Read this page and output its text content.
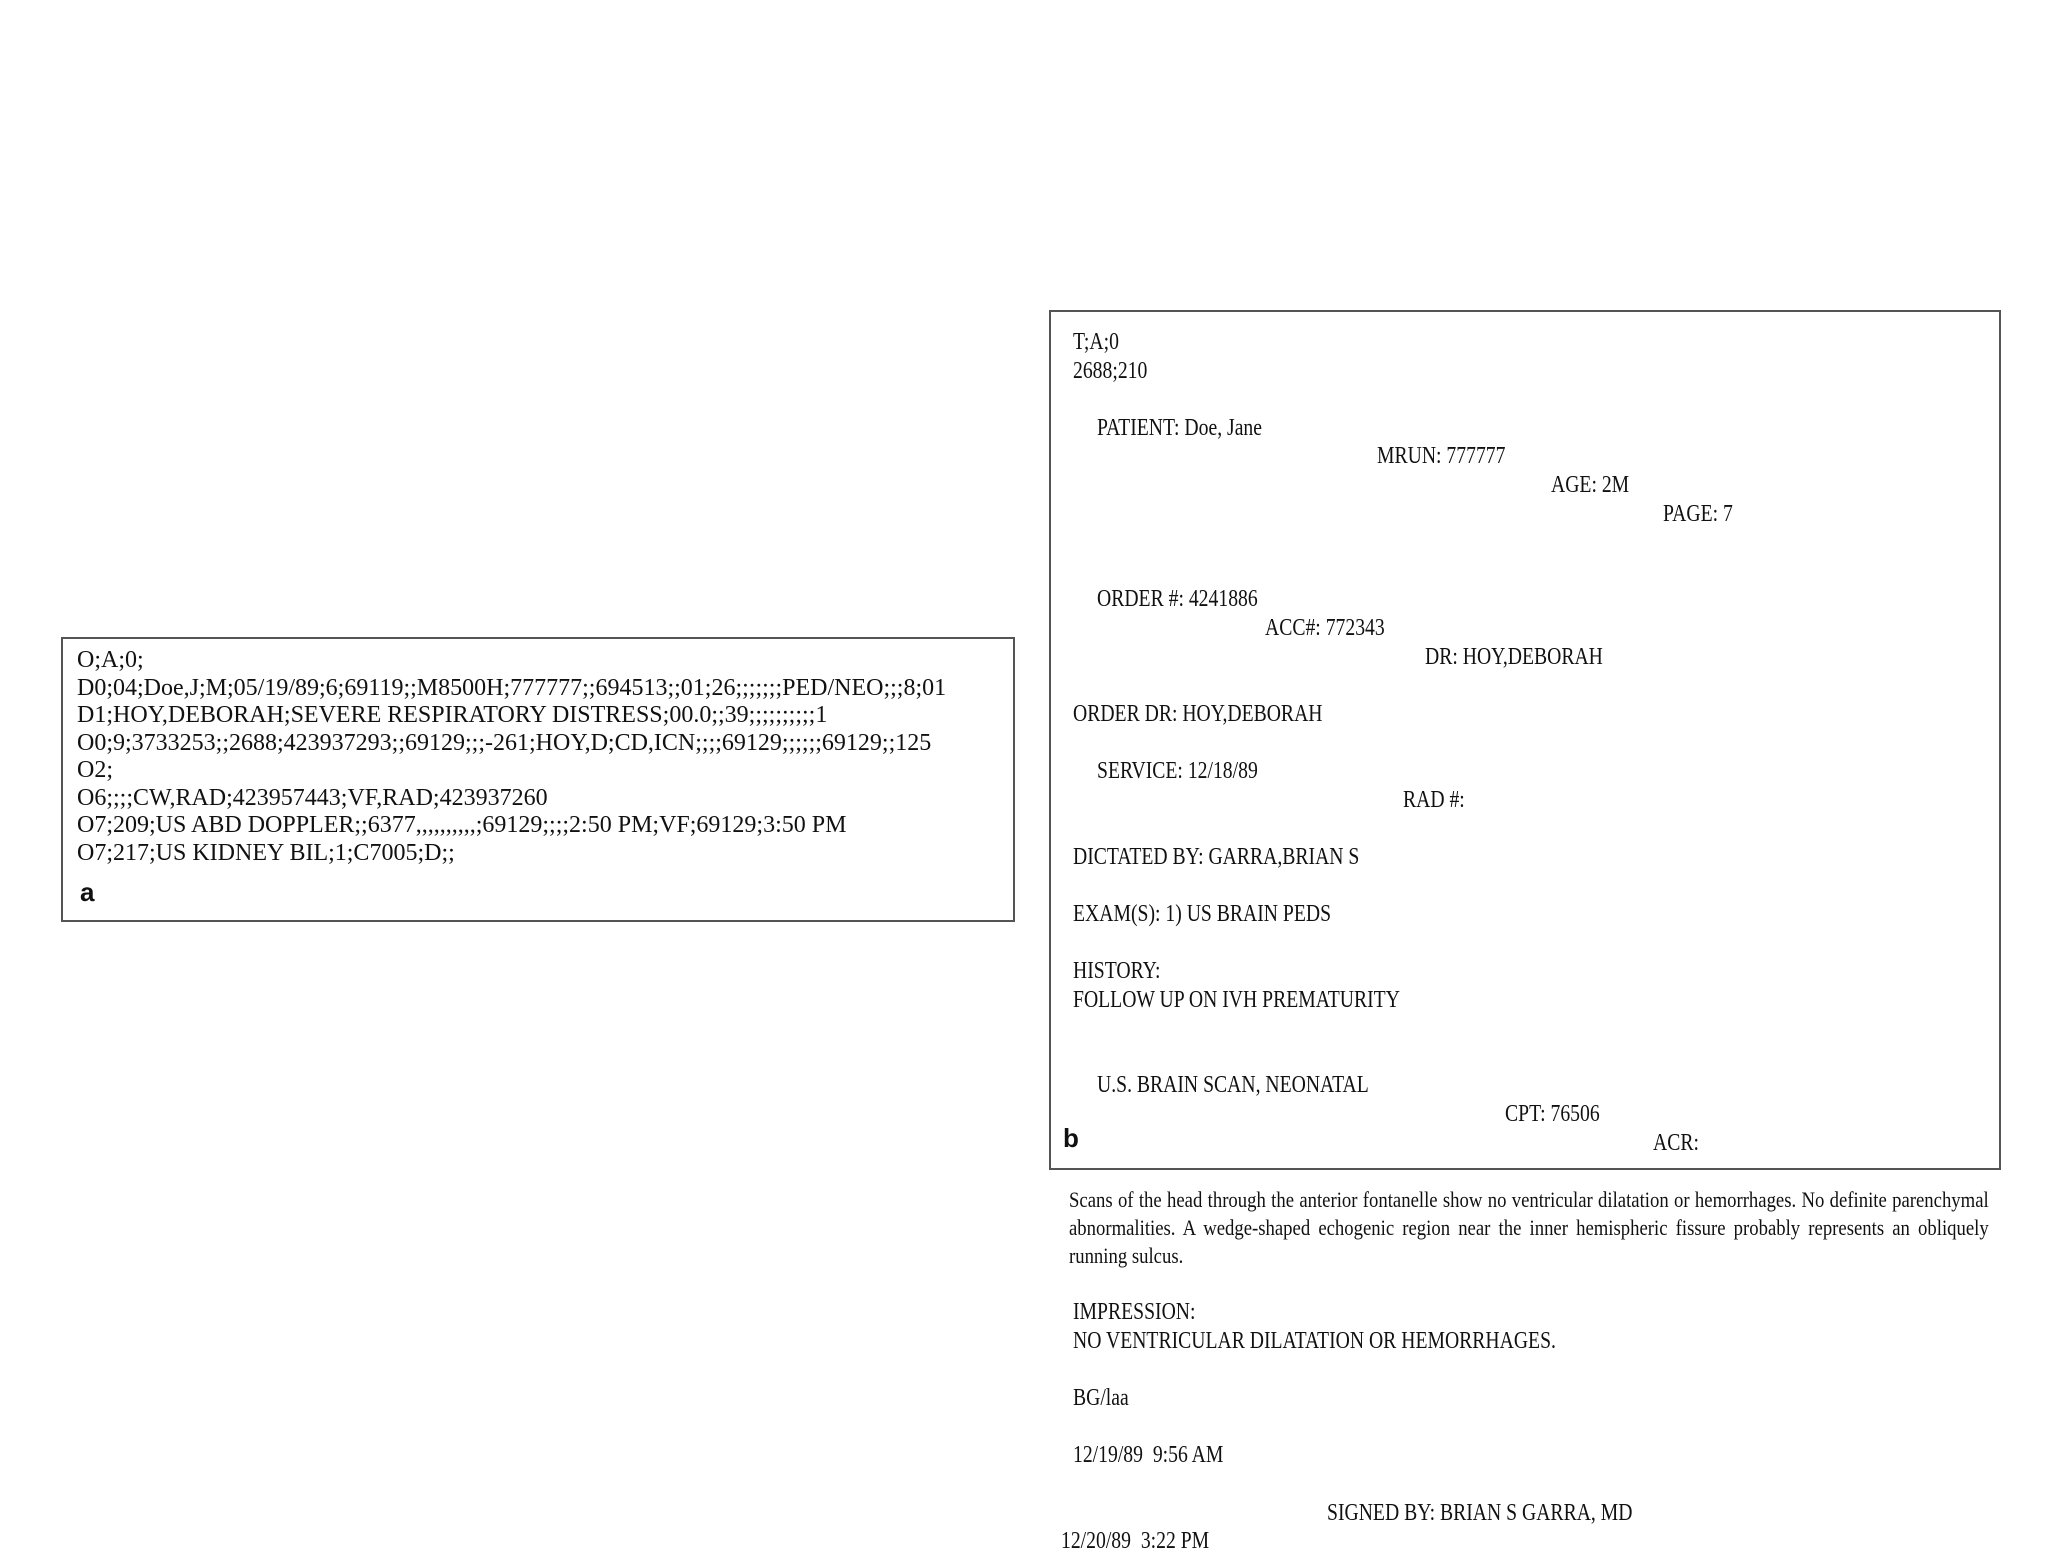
O;A;0;
D0;04;Doe,J;M;05/19/89;6;69119;;M8500H;777777;;694513;;01;26;;;;;;;PED/NEO;;;8;01
D1;HOY,DEBORAH;SEVERE RESPIRATORY DISTRESS;00.0;;39;;;;;;;;;;1
O0;9;3733253;;2688;423937293;;69129;;;-261;HOY,D;CD,ICN;;;;69129;;;;;;69129;;125
O2;
O6;;;;CW,RAD;423957443;VF,RAD;423937260
O7;209;US ABD DOPPLER;;6377,,,,,,,,,,;69129;;;;2:50 PM;VF;69129;3:50 PM
O7;217;US KIDNEY BIL;1;C7005;D;;
a
T;A;0
2688;210

PATIENT: Doe, Jane

MRUN: 777777

AGE: 2M

PAGE: 7

ORDER #: 4241886

ACC#: 772343

DR: HOY,DEBORAH

ORDER DR: HOY,DEBORAH

SERVICE: 12/18/89

RAD #:

DICTATED BY: GARRA,BRIAN S
EXAM(S): 1) US BRAIN PEDS
HISTORY:
FOLLOW UP ON IVH PREMATURITY

U.S. BRAIN SCAN, NEONATAL

CPT: 76506

ACR:

Scans of the head through the anterior fontanelle show no ventricular dilatation or hemorrhages. No definite parenchymal abnormalities. A wedge-shaped echogenic region near the inner hemispheric fissure probably represents an obliquely running sulcus.
IMPRESSION:
NO VENTRICULAR DILATATION OR HEMORRHAGES.
BG/laa
12/19/89  9:56 AM
SIGNED BY: BRIAN S GARRA, MD
12/20/89  3:22 PM
b
